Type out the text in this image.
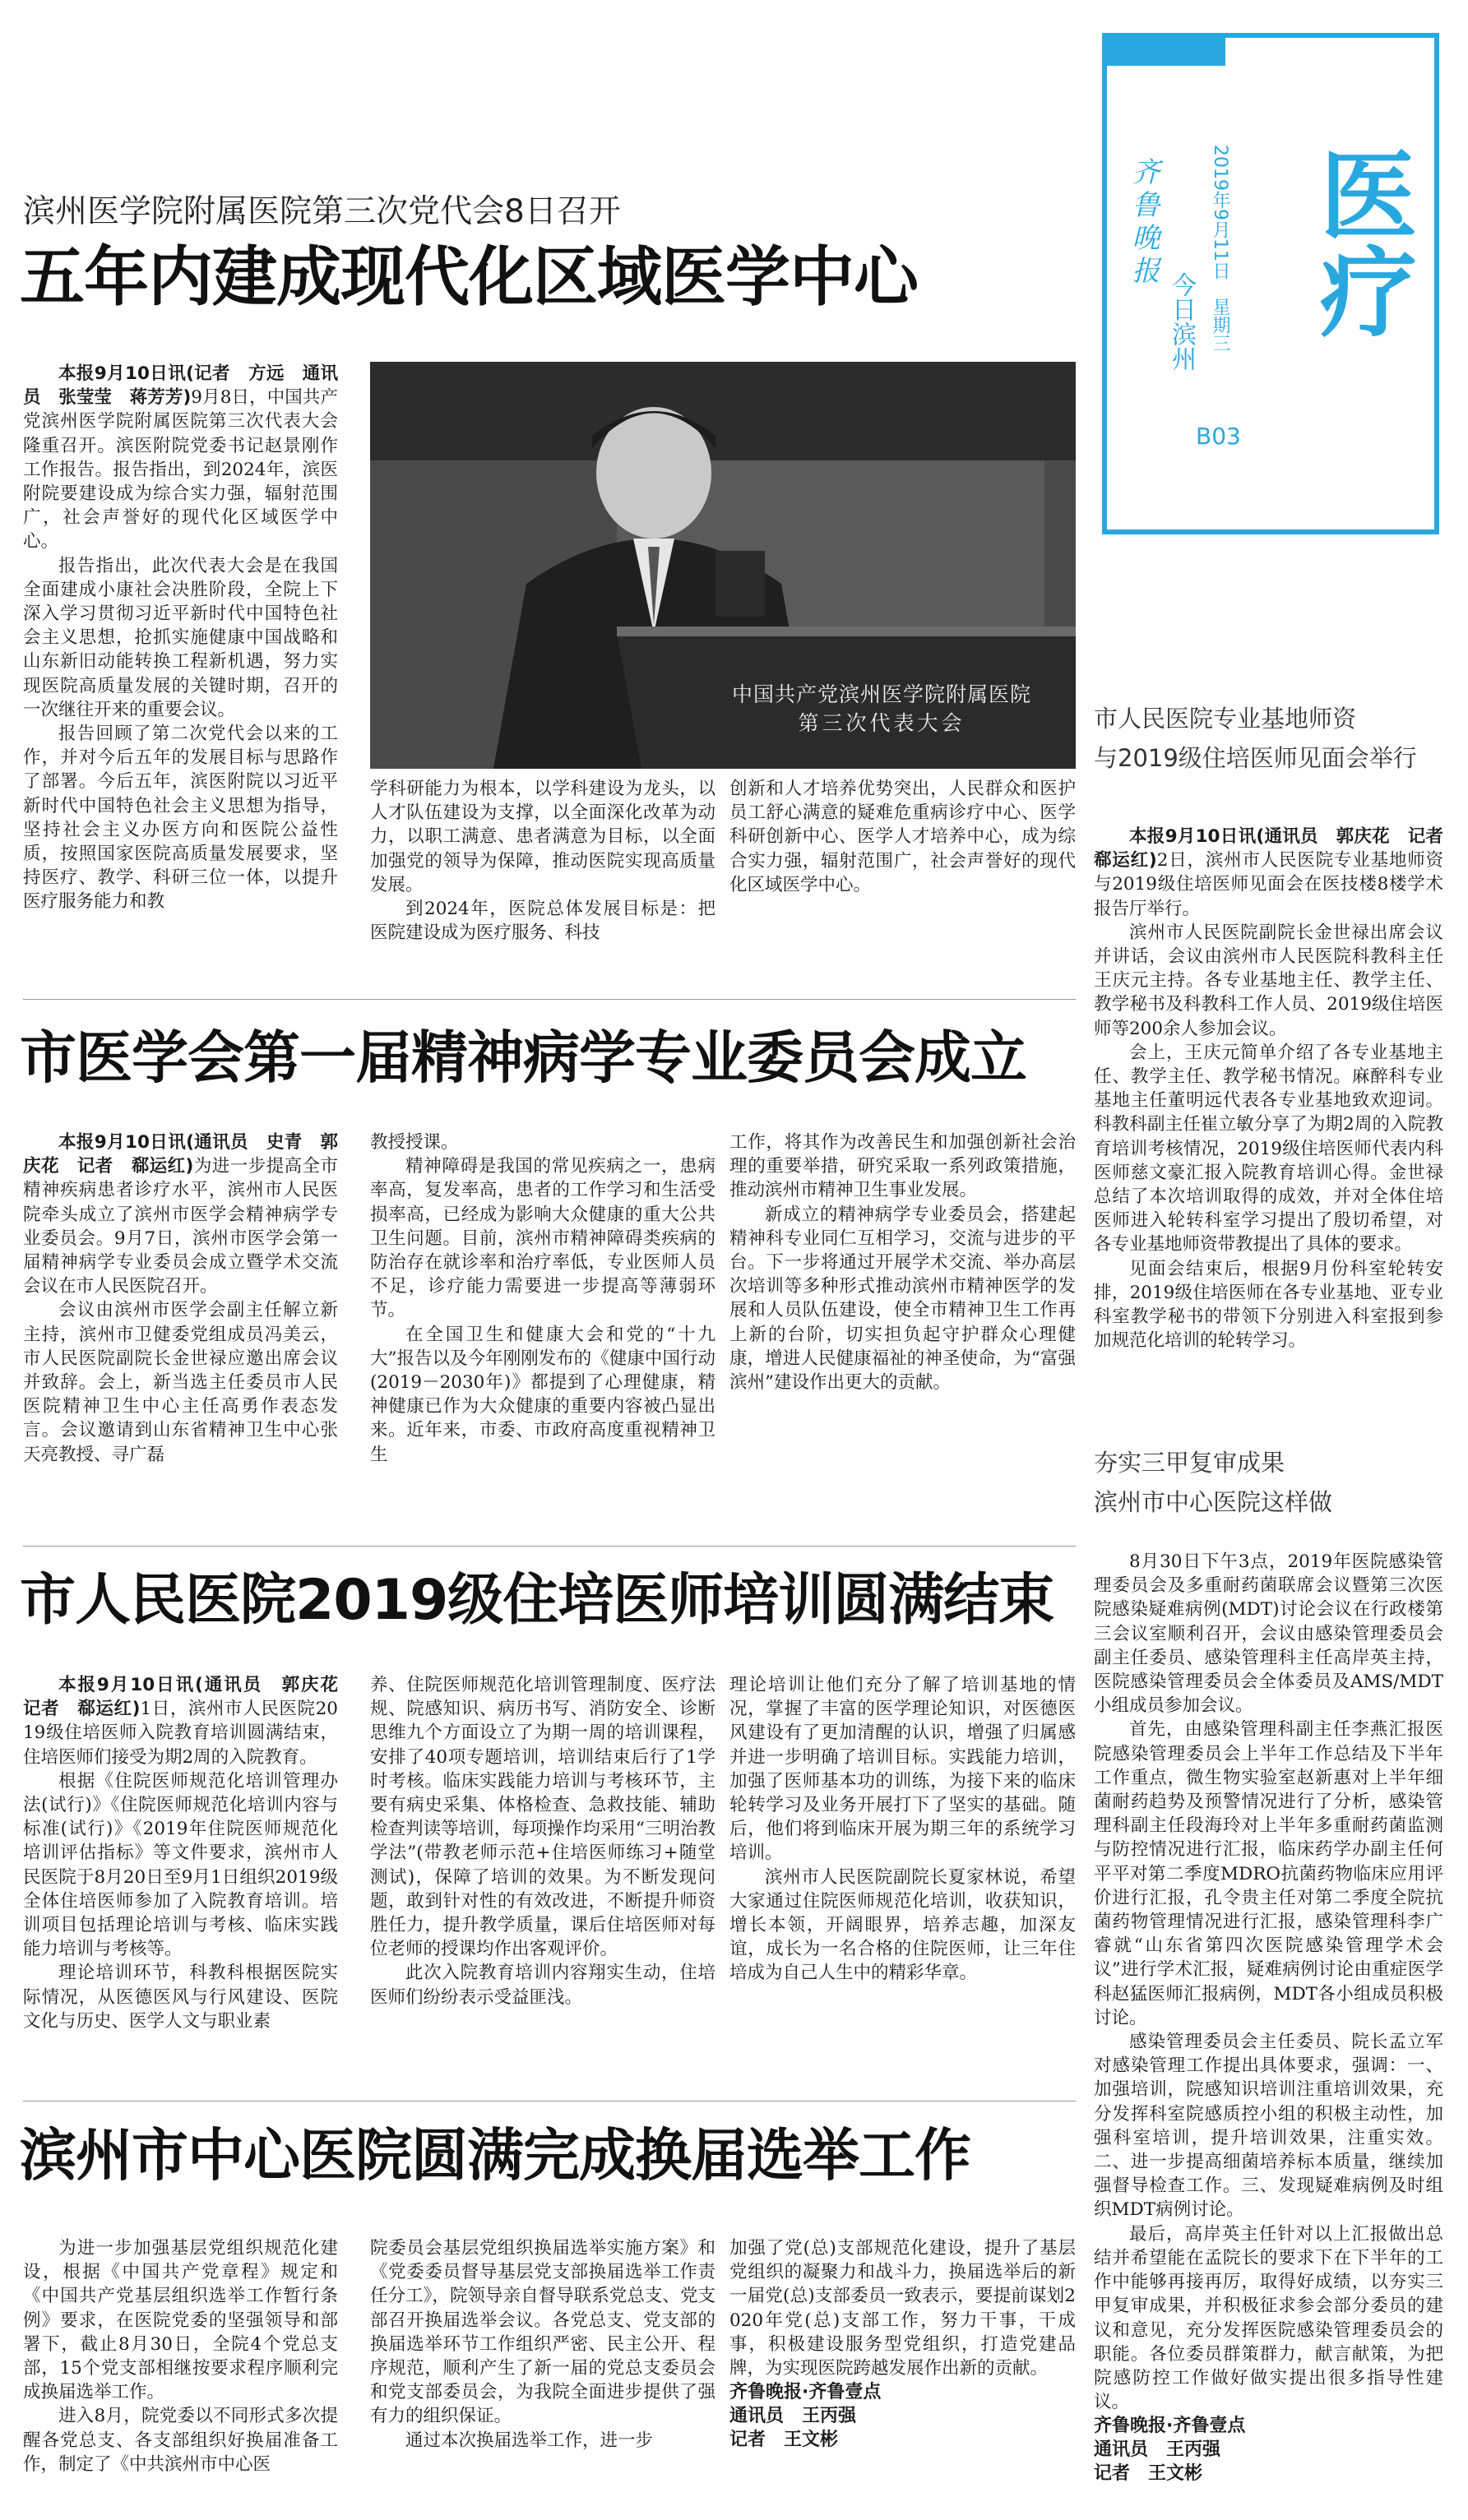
医疗
齐鲁晚报
今日滨州
2019年9月11日　星期三
B03
滨州医学院附属医院第三次党代会8日召开
五年内建成现代化区域医学中心

本报9月10日讯(记者　方远　通讯员　张莹莹　蒋芳芳)9月8日，中国共产党滨州医学院附属医院第三次代表大会隆重召开。滨医附院党委书记赵景刚作工作报告。报告指出，到2024年，滨医附院要建设成为综合实力强，辐射范围广，社会声誉好的现代化区域医学中心。

报告指出，此次代表大会是在我国全面建成小康社会决胜阶段，全院上下深入学习贯彻习近平新时代中国特色社会主义思想，抢抓实施健康中国战略和山东新旧动能转换工程新机遇，努力实现医院高质量发展的关键时期，召开的一次继往开来的重要会议。

报告回顾了第二次党代会以来的工作，并对今后五年的发展目标与思路作了部署。今后五年，滨医附院以习近平新时代中国特色社会主义思想为指导，坚持社会主义办医方向和医院公益性质，按照国家医院高质量发展要求，坚持医疗、教学、科研三位一体，以提升医疗服务能力和教

中国共产党滨州医学院附属医院
第三次代表大会

学科研能力为根本，以学科建设为龙头，以人才队伍建设为支撑，以全面深化改革为动力，以职工满意、患者满意为目标，以全面加强党的领导为保障，推动医院实现高质量发展。

到2024年，医院总体发展目标是：把医院建设成为医疗服务、科技

创新和人才培养优势突出，人民群众和医护员工舒心满意的疑难危重病诊疗中心、医学科研创新中心、医学人才培养中心，成为综合实力强，辐射范围广，社会声誉好的现代化区域医学中心。

市医学会第一届精神病学专业委员会成立

本报9月10日讯(通讯员　史青　郭庆花　记者　郗运红)为进一步提高全市精神疾病患者诊疗水平，滨州市人民医院牵头成立了滨州市医学会精神病学专业委员会。9月7日，滨州市医学会第一届精神病学专业委员会成立暨学术交流会议在市人民医院召开。

会议由滨州市医学会副主任解立新主持，滨州市卫健委党组成员冯美云，市人民医院副院长金世禄应邀出席会议并致辞。会上，新当选主任委员市人民医院精神卫生中心主任高勇作表态发言。会议邀请到山东省精神卫生中心张天亮教授、寻广磊

教授授课。

精神障碍是我国的常见疾病之一，患病率高，复发率高，患者的工作学习和生活受损率高，已经成为影响大众健康的重大公共卫生问题。目前，滨州市精神障碍类疾病的防治存在就诊率和治疗率低，专业医师人员不足，诊疗能力需要进一步提高等薄弱环节。

在全国卫生和健康大会和党的“十九大”报告以及今年刚刚发布的《健康中国行动(2019－2030年)》都提到了心理健康，精神健康已作为大众健康的重要内容被凸显出来。近年来，市委、市政府高度重视精神卫生

工作，将其作为改善民生和加强创新社会治理的重要举措，研究采取一系列政策措施，推动滨州市精神卫生事业发展。

新成立的精神病学专业委员会，搭建起精神科专业同仁互相学习，交流与进步的平台。下一步将通过开展学术交流、举办高层次培训等多种形式推动滨州市精神医学的发展和人员队伍建设，使全市精神卫生工作再上新的台阶，切实担负起守护群众心理健康，增进人民健康福祉的神圣使命，为“富强滨州”建设作出更大的贡献。

市人民医院2019级住培医师培训圆满结束

本报9月10日讯(通讯员　郭庆花　记者　郗运红)1日，滨州市人民医院2019级住培医师入院教育培训圆满结束，住培医师们接受为期2周的入院教育。

根据《住院医师规范化培训管理办法(试行)》《住院医师规范化培训内容与标准(试行)》《2019年住院医师规范化培训评估指标》等文件要求，滨州市人民医院于8月20日至9月1日组织2019级全体住培医师参加了入院教育培训。培训项目包括理论培训与考核、临床实践能力培训与考核等。

理论培训环节，科教科根据医院实际情况，从医德医风与行风建设、医院文化与历史、医学人文与职业素

养、住院医师规范化培训管理制度、医疗法规、院感知识、病历书写、消防安全、诊断思维九个方面设立了为期一周的培训课程，安排了40项专题培训，培训结束后行了1学时考核。临床实践能力培训与考核环节，主要有病史采集、体格检查、急救技能、辅助检查判读等培训，每项操作均采用“三明治教学法”(带教老师示范+住培医师练习+随堂测试)，保障了培训的效果。为不断发现问题，敢到针对性的有效改进，不断提升师资胜任力，提升教学质量，课后住培医师对每位老师的授课均作出客观评价。

此次入院教育培训内容翔实生动，住培医师们纷纷表示受益匪浅。

理论培训让他们充分了解了培训基地的情况，掌握了丰富的医学理论知识，对医德医风建设有了更加清醒的认识，增强了归属感并进一步明确了培训目标。实践能力培训，加强了医师基本功的训练，为接下来的临床轮转学习及业务开展打下了坚实的基础。随后，他们将到临床开展为期三年的系统学习培训。

滨州市人民医院副院长夏家林说，希望大家通过住院医师规范化培训，收获知识，增长本领，开阔眼界，培养志趣，加深友谊，成长为一名合格的住院医师，让三年住培成为自己人生中的精彩华章。

滨州市中心医院圆满完成换届选举工作

为进一步加强基层党组织规范化建设，根据《中国共产党章程》规定和《中国共产党基层组织选举工作暂行条例》要求，在医院党委的坚强领导和部署下，截止8月30日，全院4个党总支部，15个党支部相继按要求程序顺利完成换届选举工作。

进入8月，院党委以不同形式多次提醒各党总支、各支部组织好换届准备工作，制定了《中共滨州市中心医

院委员会基层党组织换届选举实施方案》和《党委委员督导基层党支部换届选举工作责任分工》，院领导亲自督导联系党总支、党支部召开换届选举会议。各党总支、党支部的换届选举环节工作组织严密、民主公开、程序规范，顺利产生了新一届的党总支委员会和党支部委员会，为我院全面进步提供了强有力的组织保证。

通过本次换届选举工作，进一步

加强了党(总)支部规范化建设，提升了基层党组织的凝聚力和战斗力，换届选举后的新一届党(总)支部委员一致表示，要提前谋划2020年党(总)支部工作，努力干事，干成事，积极建设服务型党组织，打造党建品牌，为实现医院跨越发展作出新的贡献。

齐鲁晚报·齐鲁壹点
通讯员　王丙强
记者　王文彬
市人民医院专业基地师资
与2019级住培医师见面会举行

本报9月10日讯(通讯员　郭庆花　记者　郗运红)2日，滨州市人民医院专业基地师资与2019级住培医师见面会在医技楼8楼学术报告厅举行。

滨州市人民医院副院长金世禄出席会议并讲话，会议由滨州市人民医院科教科主任王庆元主持。各专业基地主任、教学主任、教学秘书及科教科工作人员、2019级住培医师等200余人参加会议。

会上，王庆元简单介绍了各专业基地主任、教学主任、教学秘书情况。麻醉科专业基地主任董明远代表各专业基地致欢迎词。科教科副主任崔立敏分享了为期2周的入院教育培训考核情况，2019级住培医师代表内科医师慈文豪汇报入院教育培训心得。金世禄总结了本次培训取得的成效，并对全体住培医师进入轮转科室学习提出了殷切希望，对各专业基地师资带教提出了具体的要求。

见面会结束后，根据9月份科室轮转安排，2019级住培医师在各专业基地、亚专业科室教学秘书的带领下分别进入科室报到参加规范化培训的轮转学习。

夯实三甲复审成果
滨州市中心医院这样做

8月30日下午3点，2019年医院感染管理委员会及多重耐药菌联席会议暨第三次医院感染疑难病例(MDT)讨论会议在行政楼第三会议室顺利召开，会议由感染管理委员会副主任委员、感染管理科主任高岸英主持，医院感染管理委员会全体委员及AMS/MDT小组成员参加会议。

首先，由感染管理科副主任李燕汇报医院感染管理委员会上半年工作总结及下半年工作重点，微生物实验室赵新惠对上半年细菌耐药趋势及预警情况进行了分析，感染管理科副主任段海玲对上半年多重耐药菌监测与防控情况进行汇报，临床药学办副主任何平平对第二季度MDRO抗菌药物临床应用评价进行汇报，孔令贵主任对第二季度全院抗菌药物管理情况进行汇报，感染管理科李广睿就“山东省第四次医院感染管理学术会议”进行学术汇报，疑难病例讨论由重症医学科赵猛医师汇报病例，MDT各小组成员积极讨论。

感染管理委员会主任委员、院长孟立军对感染管理工作提出具体要求，强调：一、加强培训，院感知识培训注重培训效果，充分发挥科室院感质控小组的积极主动性，加强科室培训，提升培训效果，注重实效。二、进一步提高细菌培养标本质量，继续加强督导检查工作。三、发现疑难病例及时组织MDT病例讨论。

最后，高岸英主任针对以上汇报做出总结并希望能在孟院长的要求下在下半年的工作中能够再接再厉，取得好成绩，以夯实三甲复审成果，并积极征求参会部分委员的建议和意见，充分发挥医院感染管理委员会的职能。各位委员群策群力，献言献策，为把院感防控工作做好做实提出很多指导性建议。

齐鲁晚报·齐鲁壹点
通讯员　王丙强
记者　王文彬
